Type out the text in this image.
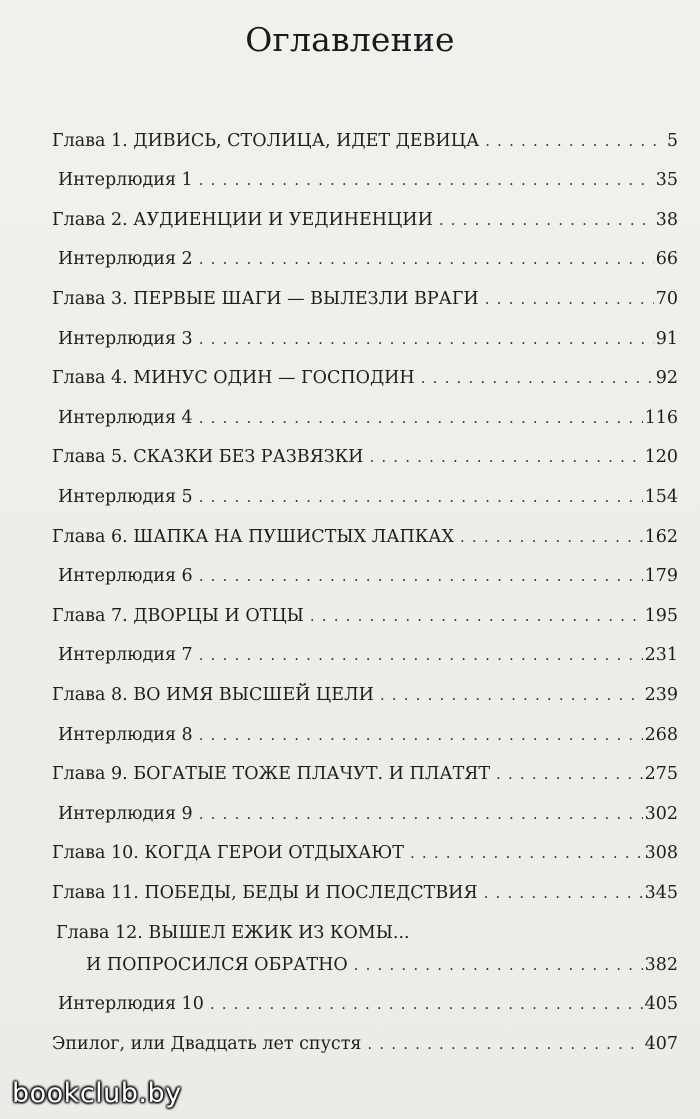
Оглавление
Глава 1. ДИВИСЬ, СТОЛИЦА, ИДЕТ ДЕВИЦА . . .	5
Интерлюдия 1 . . .	35
Глава 2. АУДИЕНЦИИ И УЕДИНЕНЦИИ . . .	38
Интерлюдия 2 . . .	66
Глава 3. ПЕРВЫЕ ШАГИ — ВЫЛЕЗЛИ ВРАГИ . . .	70
Интерлюдия 3 . . .	91
Глава 4. МИНУС ОДИН — ГОСПОДИН . . .	92
Интерлюдия 4 . . .	116
Глава 5. СКАЗКИ БЕЗ РАЗВЯЗКИ . . .	120
Интерлюдия 5 . . .	154
Глава 6. ШАПКА НА ПУШИСТЫХ ЛАПКАХ . . .	162
Интерлюдия 6 . . .	179
Глава 7. ДВОРЦЫ И ОТЦЫ . . .	195
Интерлюдия 7 . . .	231
Глава 8. ВО ИМЯ ВЫСШЕЙ ЦЕЛИ . . .	239
Интерлюдия 8 . . .	268
Глава 9. БОГАТЫЕ ТОЖЕ ПЛАЧУТ. И ПЛАТЯТ . . .	275
Интерлюдия 9 . . .	302
Глава 10. КОГДА ГЕРОИ ОТДЫХАЮТ . . .	308
Глава 11. ПОБЕДЫ, БЕДЫ И ПОСЛЕДСТВИЯ . . .	345
Глава 12. ВЫШЕЛ ЕЖИК ИЗ КОМЫ...
И ПОПРОСИЛСЯ ОБРАТНО . . .	382
Интерлюдия 10 . . .	405
Эпилог, или Двадцать лет спустя . . .	407
bookclub.by
